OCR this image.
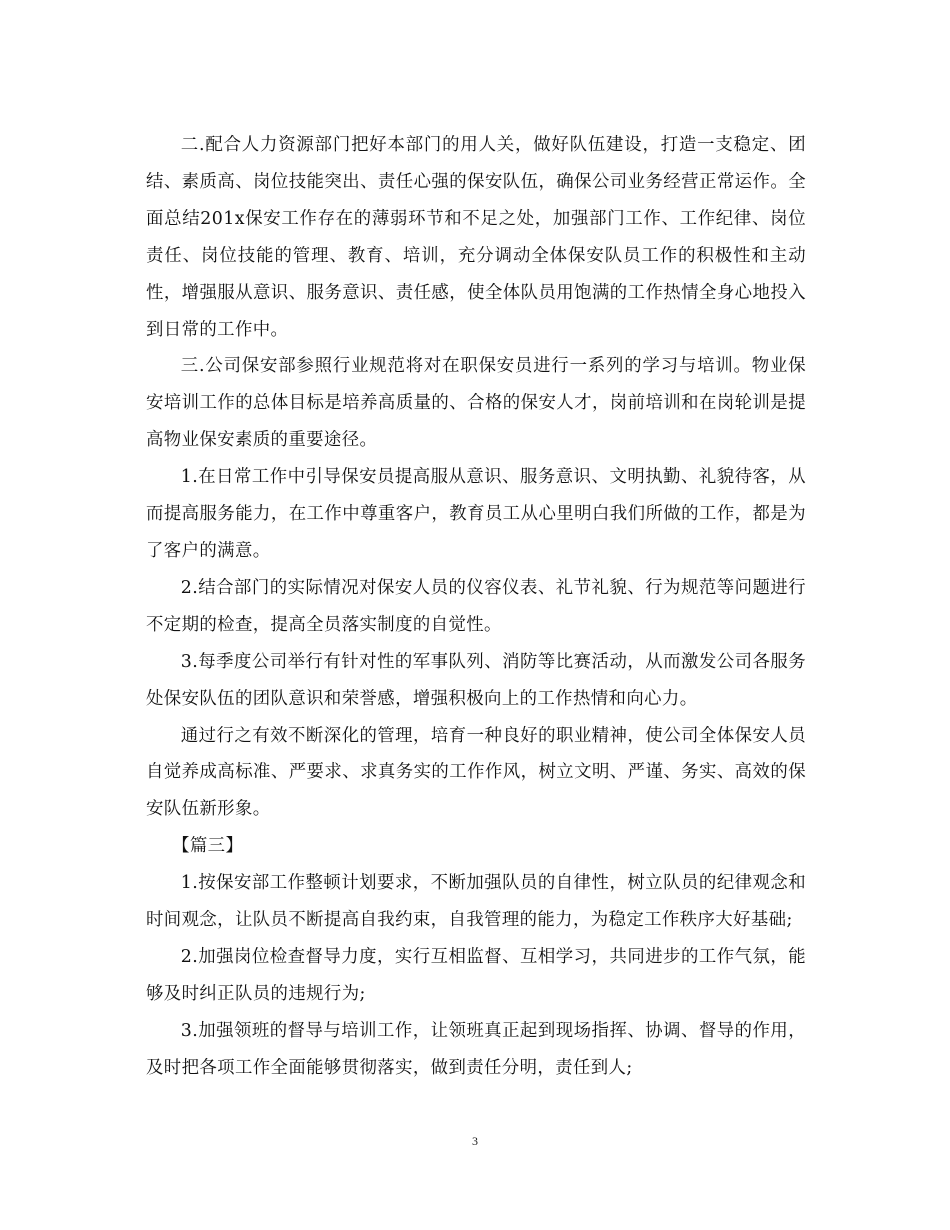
二.配合人力资源部门把好本部门的用人关，做好队伍建设，打造一支稳定、团结、素质高、岗位技能突出、责任心强的保安队伍，确保公司业务经营正常运作。全面总结201x保安工作存在的薄弱环节和不足之处，加强部门工作、工作纪律、岗位责任、岗位技能的管理、教育、培训，充分调动全体保安队员工作的积极性和主动性，增强服从意识、服务意识、责任感，使全体队员用饱满的工作热情全身心地投入到日常的工作中。

三.公司保安部参照行业规范将对在职保安员进行一系列的学习与培训。物业保安培训工作的总体目标是培养高质量的、合格的保安人才，岗前培训和在岗轮训是提高物业保安素质的重要途径。

1.在日常工作中引导保安员提高服从意识、服务意识、文明执勤、礼貌待客，从而提高服务能力，在工作中尊重客户，教育员工从心里明白我们所做的工作，都是为了客户的满意。

2.结合部门的实际情况对保安人员的仪容仪表、礼节礼貌、行为规范等问题进行不定期的检查，提高全员落实制度的自觉性。

3.每季度公司举行有针对性的军事队列、消防等比赛活动，从而激发公司各服务处保安队伍的团队意识和荣誉感，增强积极向上的工作热情和向心力。

通过行之有效不断深化的管理，培育一种良好的职业精神，使公司全体保安人员自觉养成高标准、严要求、求真务实的工作作风，树立文明、严谨、务实、高效的保安队伍新形象。

【篇三】

1.按保安部工作整顿计划要求，不断加强队员的自律性，树立队员的纪律观念和时间观念，让队员不断提高自我约束，自我管理的能力，为稳定工作秩序大好基础;

2.加强岗位检查督导力度，实行互相监督、互相学习，共同进步的工作气氛，能够及时纠正队员的违规行为;

3.加强领班的督导与培训工作，让领班真正起到现场指挥、协调、督导的作用，及时把各项工作全面能够贯彻落实，做到责任分明，责任到人;

3
